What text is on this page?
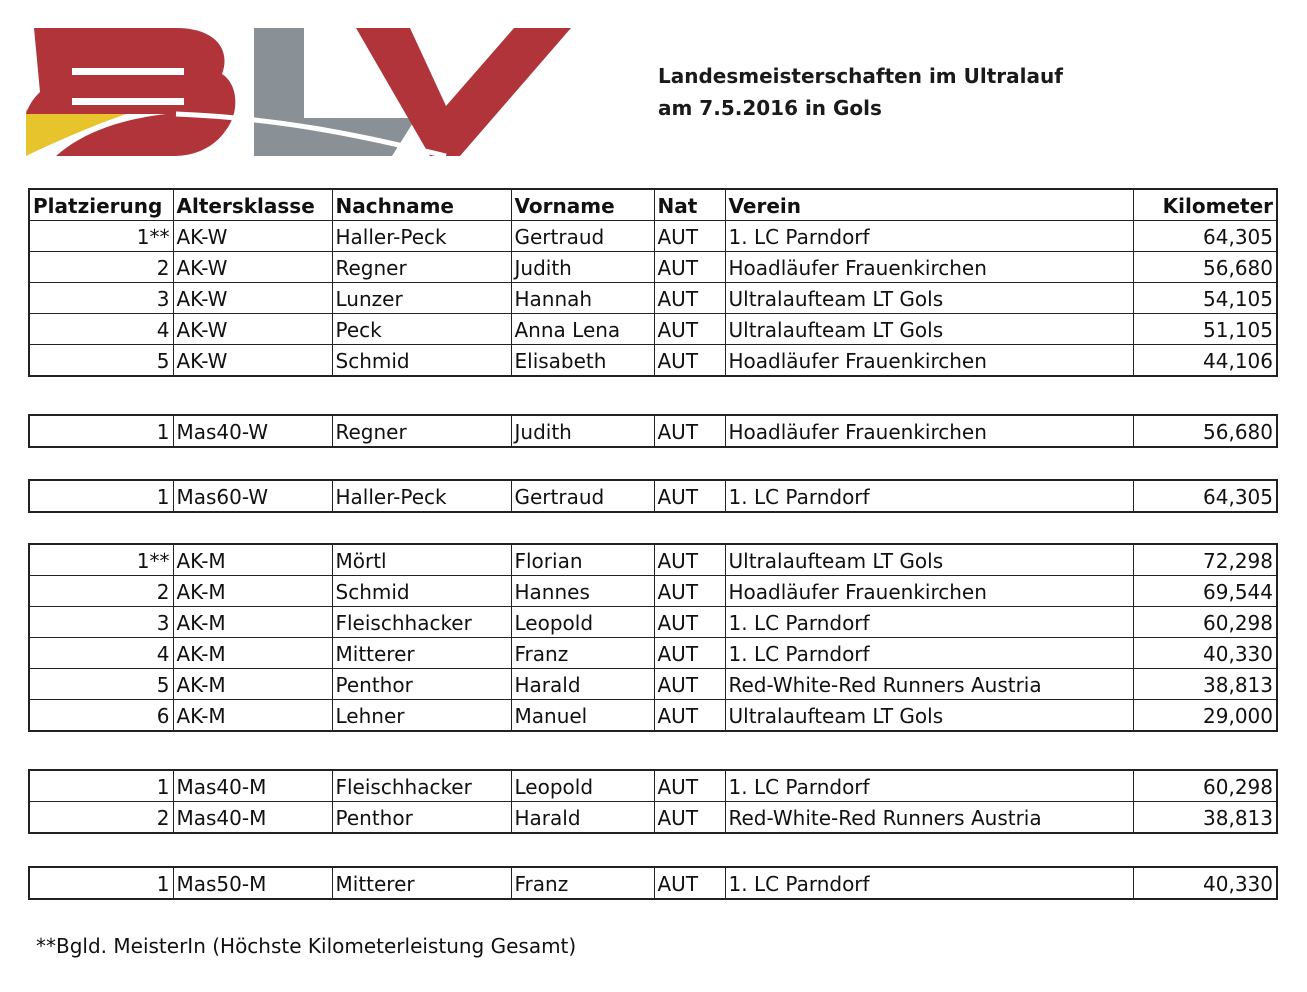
Landesmeisterschaften im Ultralauf
am 7.5.2016 in Gols
Platzierung	Altersklasse	Nachname	Vorname	Nat	Verein	Kilometer
1**	AK-W	Haller-Peck	Gertraud	AUT	1. LC Parndorf	64,305
2	AK-W	Regner	Judith	AUT	Hoadläufer Frauenkirchen	56,680
3	AK-W	Lunzer	Hannah	AUT	Ultralaufteam LT Gols	54,105
4	AK-W	Peck	Anna Lena	AUT	Ultralaufteam LT Gols	51,105
5	AK-W	Schmid	Elisabeth	AUT	Hoadläufer Frauenkirchen	44,106
1	Mas40-W	Regner	Judith	AUT	Hoadläufer Frauenkirchen	56,680
1	Mas60-W	Haller-Peck	Gertraud	AUT	1. LC Parndorf	64,305
1**	AK-M	Mörtl	Florian	AUT	Ultralaufteam LT Gols	72,298
2	AK-M	Schmid	Hannes	AUT	Hoadläufer Frauenkirchen	69,544
3	AK-M	Fleischhacker	Leopold	AUT	1. LC Parndorf	60,298
4	AK-M	Mitterer	Franz	AUT	1. LC Parndorf	40,330
5	AK-M	Penthor	Harald	AUT	Red-White-Red Runners Austria	38,813
6	AK-M	Lehner	Manuel	AUT	Ultralaufteam LT Gols	29,000
1	Mas40-M	Fleischhacker	Leopold	AUT	1. LC Parndorf	60,298
2	Mas40-M	Penthor	Harald	AUT	Red-White-Red Runners Austria	38,813
1	Mas50-M	Mitterer	Franz	AUT	1. LC Parndorf	40,330
**Bgld. MeisterIn (Höchste Kilometerleistung Gesamt)
